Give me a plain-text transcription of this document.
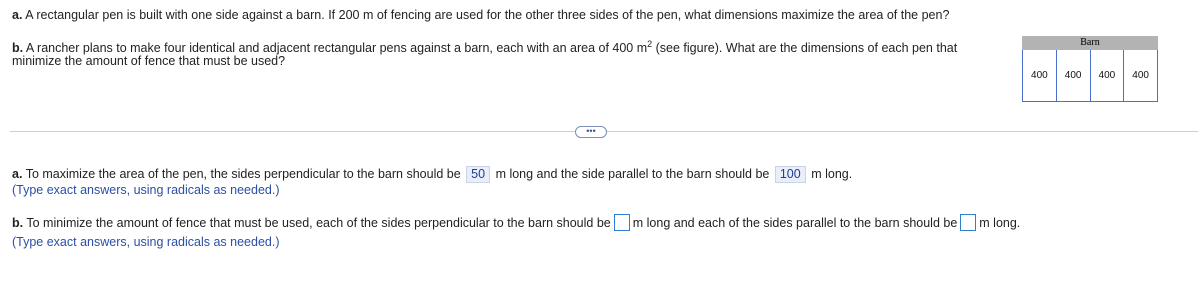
a. A rectangular pen is built with one side against a barn. If 200 m of fencing are used for the other three sides of the pen, what dimensions maximize the area of the pen?
b. A rancher plans to make four identical and adjacent rectangular pens against a barn, each with an area of 400 $m^2$ (see figure). What are the dimensions of each pen that
minimize the amount of fence that must be used?
Barn
400 400 400 400
•••
a. To maximize the area of the pen, the sides perpendicular to the barn should be 50 m long and the side parallel to the barn should be 100 m long.
(Type exact answers, using radicals as needed.)
b. To minimize the amount of fence that must be used, each of the sides perpendicular to the barn should be m long and each of the sides parallel to the barn should be m long.
(Type exact answers, using radicals as needed.)
